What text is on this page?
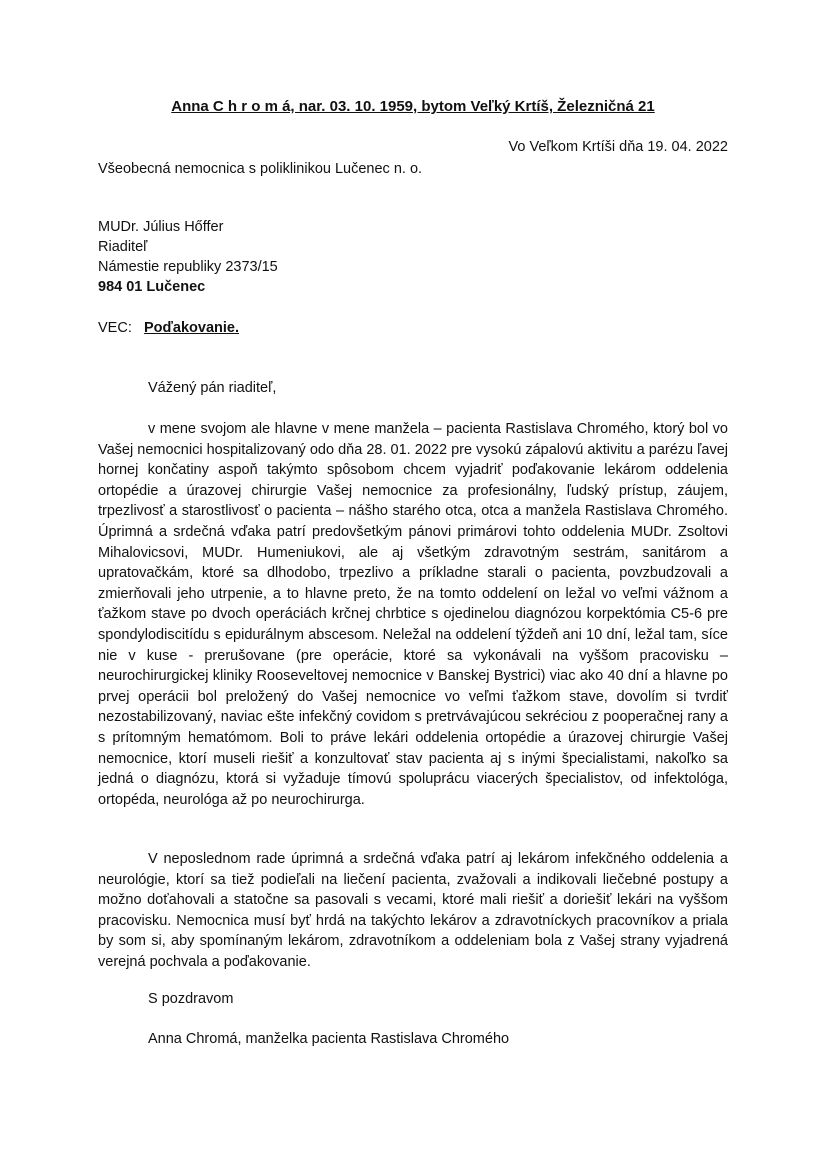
Anna C h r o m á, nar. 03. 10. 1959, bytom Veľký Krtíš, Železničná 21
Vo Veľkom Krtíši dňa 19. 04. 2022
Všeobecná nemocnica s poliklinikou Lučenec n. o.
MUDr. Július Hőffer
Riaditeľ
Námestie republiky 2373/15
984 01 Lučenec
VEC: Poďakovanie.
Vážený pán riaditeľ,

v mene svojom ale hlavne v mene manžela – pacienta Rastislava Chromého, ktorý bol vo Vašej nemocnici hospitalizovaný odo dňa 28. 01. 2022 pre vysokú zápalovú aktivitu a parézu ľavej hornej končatiny aspoň takýmto spôsobom chcem vyjadriť poďakovanie lekárom oddelenia ortopédie a úrazovej chirurgie Vašej nemocnice za profesionálny, ľudský prístup, záujem, trpezlivosť a starostlivosť o pacienta – nášho starého otca, otca a manžela Rastislava Chromého. Úprimná a srdečná vďaka patrí predovšetkým pánovi primárovi tohto oddelenia MUDr. Zsoltovi Mihalovicsovi, MUDr. Humeniukovi, ale aj všetkým zdravotným sestrám, sanitárom a upratovačkám, ktoré sa dlhodobo, trpezlivo a príkladne starali o pacienta, povzbudzovali a zmierňovali jeho utrpenie, a to hlavne preto, že na tomto oddelení on ležal vo veľmi vážnom a ťažkom stave po dvoch operáciách krčnej chrbtice s ojedinelou diagnózou korpektómia C5-6 pre spondylodiscitídu s epidurálnym abscesom. Neležal na oddelení týždeň ani 10 dní, ležal tam, síce nie v kuse - prerušovane (pre operácie, ktoré sa vykonávali na vyššom pracovisku – neurochirurgickej kliniky Rooseveltovej nemocnice v Banskej Bystrici) viac ako 40 dní a hlavne po prvej operácii bol preložený do Vašej nemocnice vo veľmi ťažkom stave, dovolím si tvrdiť nezostabilizovaný, naviac ešte infekčný covidom s pretrvávajúcou sekréciou z pooperačnej rany a s prítomným hematómom. Boli to práve lekári oddelenia ortopédie a úrazovej chirurgie Vašej nemocnice, ktorí museli riešiť a konzultovať stav pacienta aj s inými špecialistami, nakoľko sa jedná o diagnózu, ktorá si vyžaduje tímovú spoluprácu viacerých špecialistov, od infektológa, ortopéda, neurológa až po neurochirurga.

V neposlednom rade úprimná a srdečná vďaka patrí aj lekárom infekčného oddelenia a neurológie, ktorí sa tiež podieľali na liečení pacienta, zvažovali a indikovali liečebné postupy a možno doťahovali a statočne sa pasovali s vecami, ktoré mali riešiť a doriešiť lekári na vyššom pracovisku. Nemocnica musí byť hrdá na takýchto lekárov a zdravotníckych pracovníkov a priala by som si, aby spomínaným lekárom, zdravotníkom a oddeleniam bola z Vašej strany vyjadrená verejná pochvala a poďakovanie.

S pozdravom
Anna Chromá, manželka pacienta Rastislava Chromého
